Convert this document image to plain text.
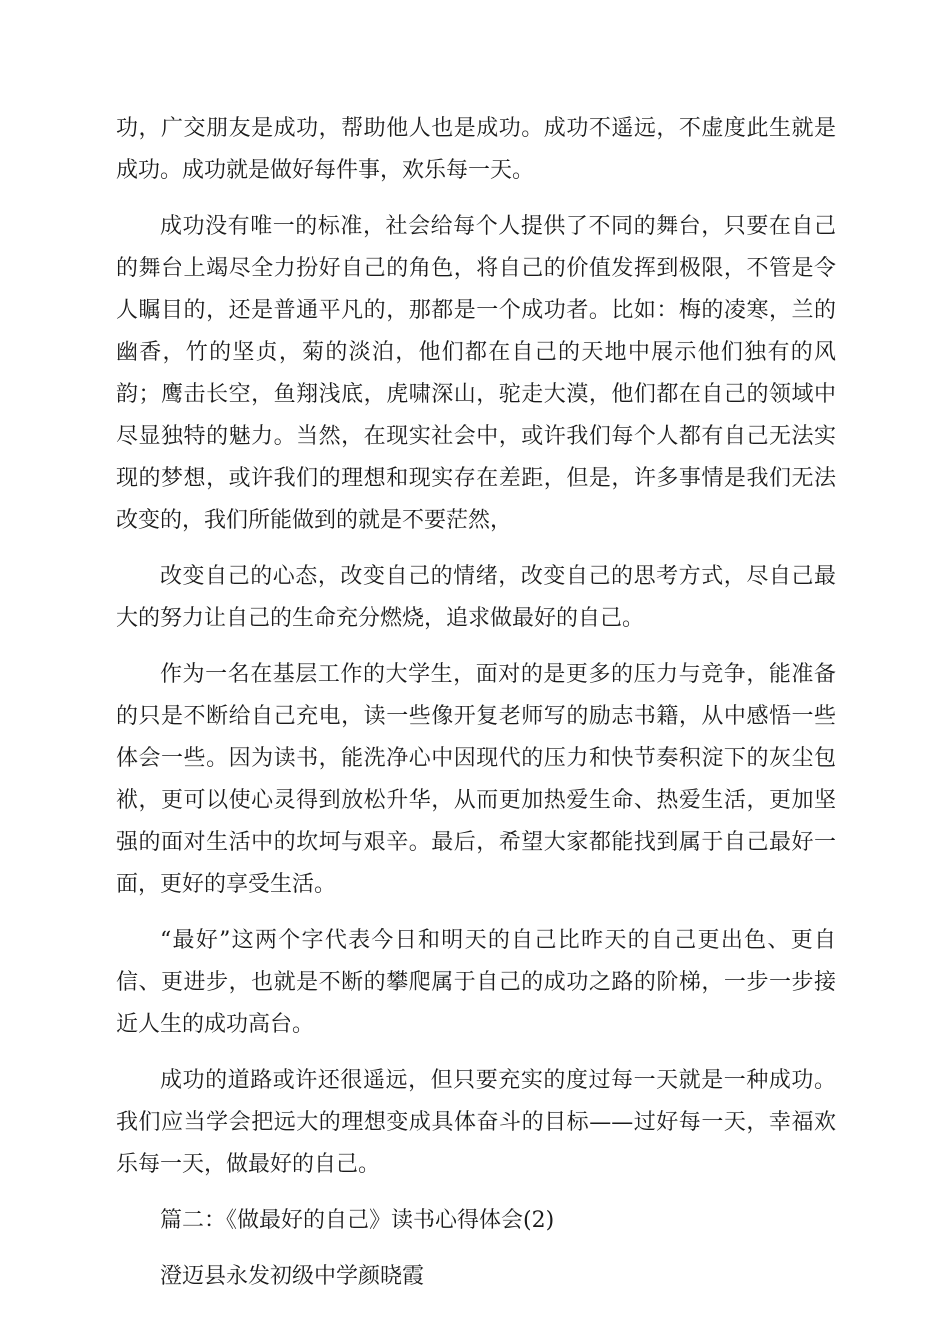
功，广交朋友是成功，帮助他人也是成功。成功不遥远，不虚度此生就是成功。成功就是做好每件事，欢乐每一天。

成功没有唯一的标准，社会给每个人提供了不同的舞台，只要在自己的舞台上竭尽全力扮好自己的角色，将自己的价值发挥到极限，不管是令人瞩目的，还是普通平凡的，那都是一个成功者。比如：梅的凌寒，兰的幽香，竹的坚贞，菊的淡泊，他们都在自己的天地中展示他们独有的风韵；鹰击长空，鱼翔浅底，虎啸深山，驼走大漠，他们都在自己的领域中尽显独特的魅力。当然，在现实社会中，或许我们每个人都有自己无法实现的梦想，或许我们的理想和现实存在差距，但是，许多事情是我们无法改变的，我们所能做到的就是不要茫然，

改变自己的心态，改变自己的情绪，改变自己的思考方式，尽自己最大的努力让自己的生命充分燃烧，追求做最好的自己。

作为一名在基层工作的大学生，面对的是更多的压力与竞争，能准备的只是不断给自己充电，读一些像开复老师写的励志书籍，从中感悟一些体会一些。因为读书，能洗净心中因现代的压力和快节奏积淀下的灰尘包袱，更可以使心灵得到放松升华，从而更加热爱生命、热爱生活，更加坚强的面对生活中的坎坷与艰辛。最后，希望大家都能找到属于自己最好一面，更好的享受生活。

“最好”这两个字代表今日和明天的自己比昨天的自己更出色、更自信、更进步，也就是不断的攀爬属于自己的成功之路的阶梯，一步一步接近人生的成功高台。

成功的道路或许还很遥远，但只要充实的度过每一天就是一种成功。我们应当学会把远大的理想变成具体奋斗的目标——过好每一天，幸福欢乐每一天，做最好的自己。

篇二：《做最好的自己》读书心得体会(2)

澄迈县永发初级中学颜晓霞
